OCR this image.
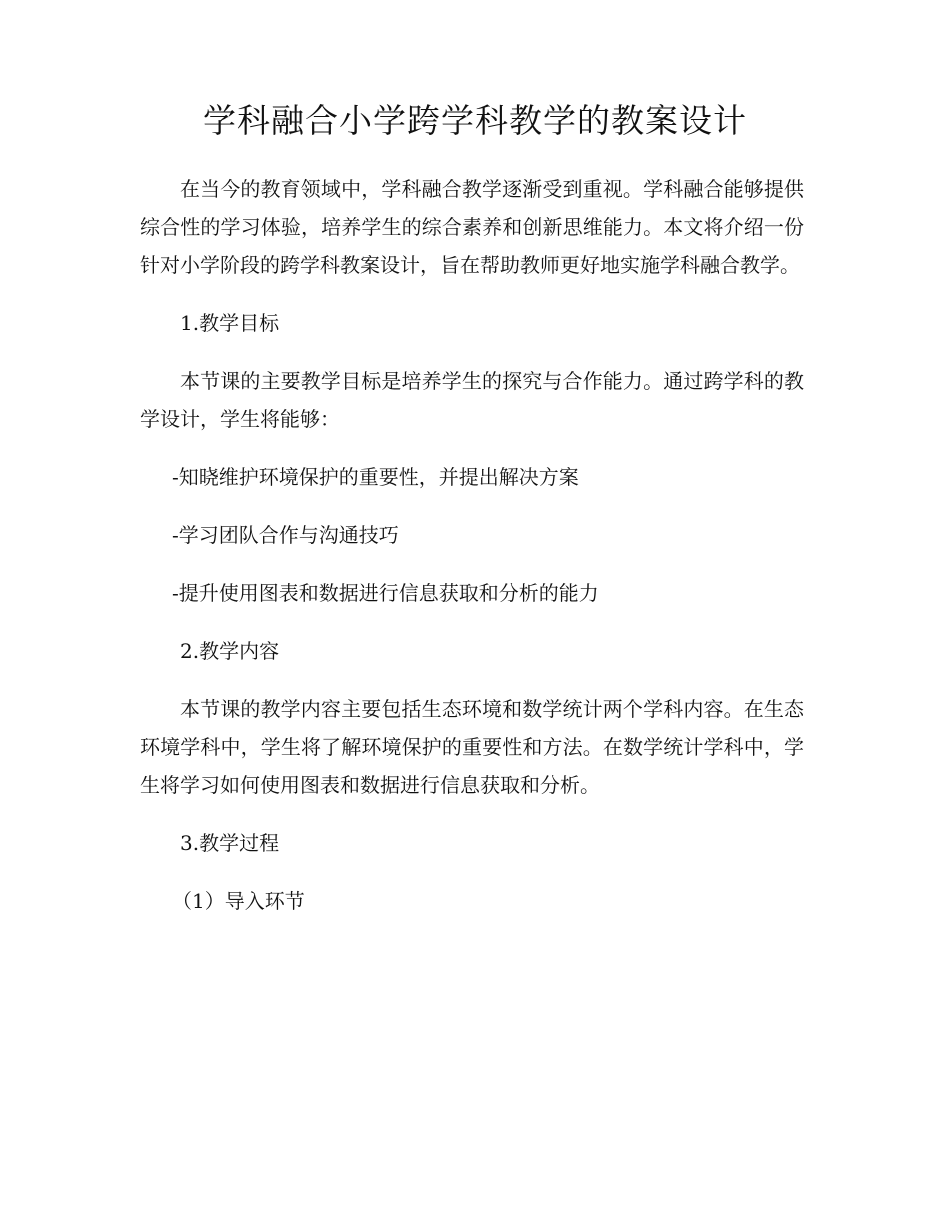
学科融合小学跨学科教学的教案设计

在当今的教育领域中，学科融合教学逐渐受到重视。学科融合能够提供综合性的学习体验，培养学生的综合素养和创新思维能力。本文将介绍一份针对小学阶段的跨学科教案设计，旨在帮助教师更好地实施学科融合教学。

1.教学目标

本节课的主要教学目标是培养学生的探究与合作能力。通过跨学科的教学设计，学生将能够：

-知晓维护环境保护的重要性，并提出解决方案

-学习团队合作与沟通技巧

-提升使用图表和数据进行信息获取和分析的能力

2.教学内容

本节课的教学内容主要包括生态环境和数学统计两个学科内容。在生态环境学科中，学生将了解环境保护的重要性和方法。在数学统计学科中，学生将学习如何使用图表和数据进行信息获取和分析。

3.教学过程

（1）导入环节
